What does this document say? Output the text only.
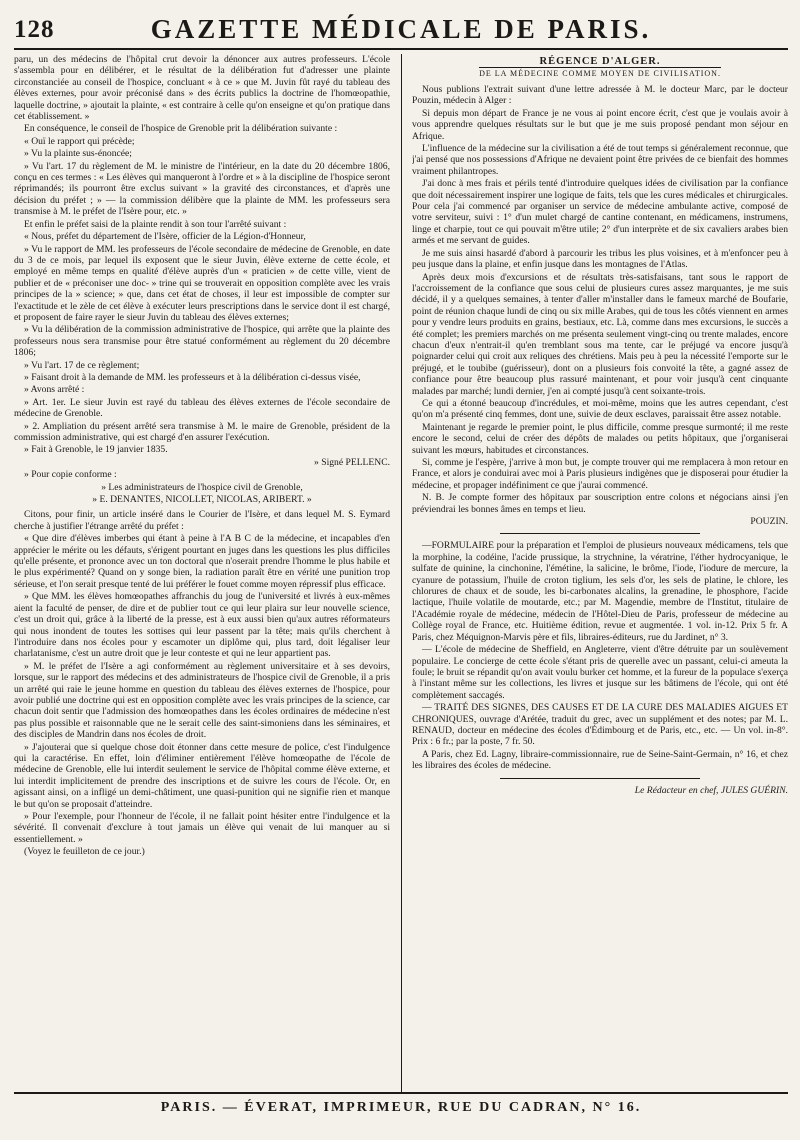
128	GAZETTE MÉDICALE DE PARIS.

paru, un des médecins de l'hôpital crut devoir la dénoncer aux autres professeurs. L'école s'assembla pour en délibérer, et le résultat de la délibération fut d'adresser une plainte circonstanciée au conseil de l'hospice, concluant « à ce » que M. Juvin fût rayé du tableau des élèves externes, pour avoir préconisé dans » des écrits publics la doctrine de l'homœopathie, laquelle doctrine, » ajoutait la plainte, « est contraire à celle qu'on enseigne et qu'on pratique dans cet établissement. »

En conséquence, le conseil de l'hospice de Grenoble prit la délibération suivante :

« Ouï le rapport qui précède;

» Vu la plainte sus-énoncée;

» Vu l'art. 17 du règlement de M. le ministre de l'intérieur, en la date du 20 décembre 1806, conçu en ces termes : « Les élèves qui manqueront à l'ordre et » à la discipline de l'hospice seront réprimandés; ils pourront être exclus suivant » la gravité des circonstances, et d'après une décision du préfet ; » — la commission délibère que la plainte de MM. les professeurs sera transmise à M. le préfet de l'Isère pour, etc. »

Et enfin le préfet saisi de la plainte rendit à son tour l'arrêté suivant :

« Nous, préfet du département de l'Isère, officier de la Légion-d'Honneur,

» Vu le rapport de MM. les professeurs de l'école secondaire de médecine de Grenoble, en date du 3 de ce mois, par lequel ils exposent que le sieur Juvin, élève externe de cette école, et employé en même temps en qualité d'élève auprès d'un « praticien » de cette ville, vient de publier et de « préconiser une doc- » trine qui se trouverait en opposition complète avec les vrais principes de la » science; » que, dans cet état de choses, il leur est impossible de compter sur l'exactitude et le zèle de cet élève à exécuter leurs prescriptions dans le service dont il est chargé, et proposent de faire rayer le sieur Juvin du tableau des élèves externes;

» Vu la délibération de la commission administrative de l'hospice, qui arrête que la plainte des professeurs nous sera transmise pour être statué conformément au règlement du 20 décembre 1806;

» Vu l'art. 17 de ce règlement;

» Faisant droit à la demande de MM. les professeurs et à la délibération ci-dessus visée,

» Avons arrêté :

» Art. 1er. Le sieur Juvin est rayé du tableau des élèves externes de l'école secondaire de médecine de Grenoble.

» 2. Ampliation du présent arrêté sera transmise à M. le maire de Grenoble, président de la commission administrative, qui est chargé d'en assurer l'exécution.

» Fait à Grenoble, le 19 janvier 1835.

» Signé PELLENC.

» Pour copie conforme :

» Les administrateurs de l'hospice civil de Grenoble,

» E. DENANTES, NICOLLET, NICOLAS, ARIBERT. »

Citons, pour finir, un article inséré dans le Courier de l'Isère, et dans lequel M. S. Eymard cherche à justifier l'étrange arrêté du préfet :

« Que dire d'élèves imberbes qui étant à peine à l'A B C de la médecine, et incapables d'en apprécier le mérite ou les défauts, s'érigent pourtant en juges dans les questions les plus difficiles qu'elle présente, et prononce avec un ton doctoral que n'oserait prendre l'homme le plus habile et le plus expérimenté? Quand on y songe bien, la radiation paraît être en vérité une punition trop sérieuse, et l'on serait presque tenté de lui préférer le fouet comme moyen répressif plus efficace.

» Que MM. les élèves homœopathes affranchis du joug de l'université et livrés à eux-mêmes aient la faculté de penser, de dire et de publier tout ce qui leur plaira sur leur nouvelle science, c'est un droit qui, grâce à la liberté de la presse, est à eux aussi bien qu'aux autres réformateurs qui nous inondent de toutes les sottises qui leur passent par la tête; mais qu'ils cherchent à l'introduire dans nos écoles pour y escamoter un diplôme qui, plus tard, doit légaliser leur charlatanisme, c'est un autre droit que je leur conteste et qui ne leur appartient pas.

» M. le préfet de l'Isère a agi conformément au règlement universitaire et à ses devoirs, lorsque, sur le rapport des médecins et des administrateurs de l'hospice civil de Grenoble, il a pris un arrêté qui raie le jeune homme en question du tableau des élèves externes de l'hospice, pour avoir publié une doctrine qui est en opposition complète avec les vrais principes de la science, car chacun doit sentir que l'admission des homœopathes dans les écoles ordinaires de médecine n'est pas plus possible et raisonnable que ne le serait celle des saint-simoniens dans les séminaires, et des disciples de Mandrin dans nos écoles de droit.

» J'ajouterai que si quelque chose doit étonner dans cette mesure de police, c'est l'indulgence qui la caractérise. En effet, loin d'éliminer entièrement l'élève homœopathe de l'école de médecine de Grenoble, elle lui interdit seulement le service de l'hôpital comme élève externe, et lui interdit implicitement de prendre des inscriptions et de suivre les cours de l'école. Or, en agissant ainsi, on a infligé un demi-châtiment, une quasi-punition qui ne signifie rien et manque le but qu'on se proposait d'atteindre.

» Pour l'exemple, pour l'honneur de l'école, il ne fallait point hésiter entre l'indulgence et la sévérité. Il convenait d'exclure à tout jamais un élève qui venait de lui manquer au si essentiellement. »

(Voyez le feuilleton de ce jour.)

RÉGENCE D'ALGER.
DE LA MÉDECINE COMME MOYEN DE CIVILISATION.

Nous publions l'extrait suivant d'une lettre adressée à M. le docteur Marc, par le docteur Pouzin, médecin à Alger :

Si depuis mon départ de France je ne vous ai point encore écrit, c'est que je voulais avoir à vous apprendre quelques résultats sur le but que je me suis proposé pendant mon séjour en Afrique.

L'influence de la médecine sur la civilisation a été de tout temps si généralement reconnue, que j'ai pensé que nos possessions d'Afrique ne devaient point être privées de ce bienfait des hommes vraiment philantropes.

J'ai donc à mes frais et périls tenté d'introduire quelques idées de civilisation par la confiance que doit nécessairement inspirer une logique de faits, tels que les cures médicales et chirurgicales. Pour cela j'ai commencé par organiser un service de médecine ambulante active, composé de votre serviteur, suivi : 1° d'un mulet chargé de cantine contenant, en médicamens, instrumens, linge et charpie, tout ce qui pouvait m'être utile; 2° d'un interprète et de six cavaliers arabes bien armés et me servant de guides.

Je me suis ainsi hasardé d'abord à parcourir les tribus les plus voisines, et à m'enfoncer peu à peu jusque dans la plaine, et enfin jusque dans les montagnes de l'Atlas.

Après deux mois d'excursions et de résultats très-satisfaisans, tant sous le rapport de l'accroissement de la confiance que sous celui de plusieurs cures assez marquantes, je me suis décidé, il y a quelques semaines, à tenter d'aller m'installer dans le fameux marché de Boufarie, point de réunion chaque lundi de cinq ou six mille Arabes, qui de tous les côtés viennent en armes pour y vendre leurs produits en grains, bestiaux, etc. Là, comme dans mes excursions, le succès a été complet; les premiers marchés on me présenta seulement vingt-cinq ou trente malades, encore chacun d'eux n'entrait-il qu'en tremblant sous ma tente, car le préjugé va encore jusqu'à poignarder celui qui croit aux reliques des chrétiens. Mais peu à peu la nécessité l'emporte sur le préjugé, et le toubibe (guérisseur), dont on a plusieurs fois convoité la tête, a gagné assez de confiance pour être beaucoup plus rassuré maintenant, et pour voir jusqu'à cent cinquante malades par marché; lundi dernier, j'en ai compté jusqu'à cent soixante-trois.

Ce qui a étonné beaucoup d'incrédules, et moi-même, moins que les autres cependant, c'est qu'on m'a présenté cinq femmes, dont une, suivie de deux esclaves, paraissait être assez notable.

Maintenant je regarde le premier point, le plus difficile, comme presque surmonté; il me reste encore le second, celui de créer des dépôts de malades ou petits hôpitaux, que j'organiserai suivant les mœurs, habitudes et circonstances.

Si, comme je l'espère, j'arrive à mon but, je compte trouver qui me remplacera à mon retour en France, et alors je conduirai avec moi à Paris plusieurs indigènes que je disposerai pour étudier la médecine, et propager indéfiniment ce que j'aurai commencé.

N. B. Je compte former des hôpitaux par souscription entre colons et négocians ainsi j'en préviendrai les bonnes âmes en temps et lieu.

POUZIN.

—FORMULAIRE pour la préparation et l'emploi de plusieurs nouveaux médicamens, tels que la morphine, la codéine, l'acide prussique, la strychnine, la vératrine, l'éther hydrocyanique, le sulfate de quinine, la cinchonine, l'émétine, la salicine, le brôme, l'iode, l'iodure de mercure, la cyanure de potassium, l'huile de croton tiglium, les sels d'or, les sels de platine, le chlore, les chlorures de chaux et de soude, les bi-carbonates alcalins, la grenadine, le phosphore, l'acide lactique, l'huile volatile de moutarde, etc.; par M. Magendie, membre de l'Institut, titulaire de l'Académie royale de médecine, médecin de l'Hôtel-Dieu de Paris, professeur de médecine au Collège royal de France, etc. Huitième édition, revue et augmentée. 1 vol. in-12. Prix 5 fr. A Paris, chez Méquignon-Marvis père et fils, libraires-éditeurs, rue du Jardinet, n° 3.

— L'école de médecine de Sheffield, en Angleterre, vient d'être détruite par un soulèvement populaire. Le concierge de cette école s'étant pris de querelle avec un passant, celui-ci ameuta la foule; le bruit se répandit qu'on avait voulu burker cet homme, et la fureur de la populace s'exerça à l'instant même sur les collections, les livres et jusque sur les bâtimens de l'école, qui ont été complètement saccagés.

— TRAITÉ DES SIGNES, DES CAUSES ET DE LA CURE DES MALADIES AIGUES ET CHRONIQUES, ouvrage d'Arétée, traduit du grec, avec un supplément et des notes; par M. L. RENAUD, docteur en médecine des écoles d'Édimbourg et de Paris, etc., etc. — Un vol. in-8°. Prix : 6 fr.; par la poste, 7 fr. 50.

A Paris, chez Ed. Lagny, libraire-commissionnaire, rue de Seine-Saint-Germain, n° 16, et chez les libraires des écoles de médecine.

Le Rédacteur en chef, JULES GUÉRIN.

PARIS. — ÉVERAT, IMPRIMEUR, RUE DU CADRAN, N° 16.
